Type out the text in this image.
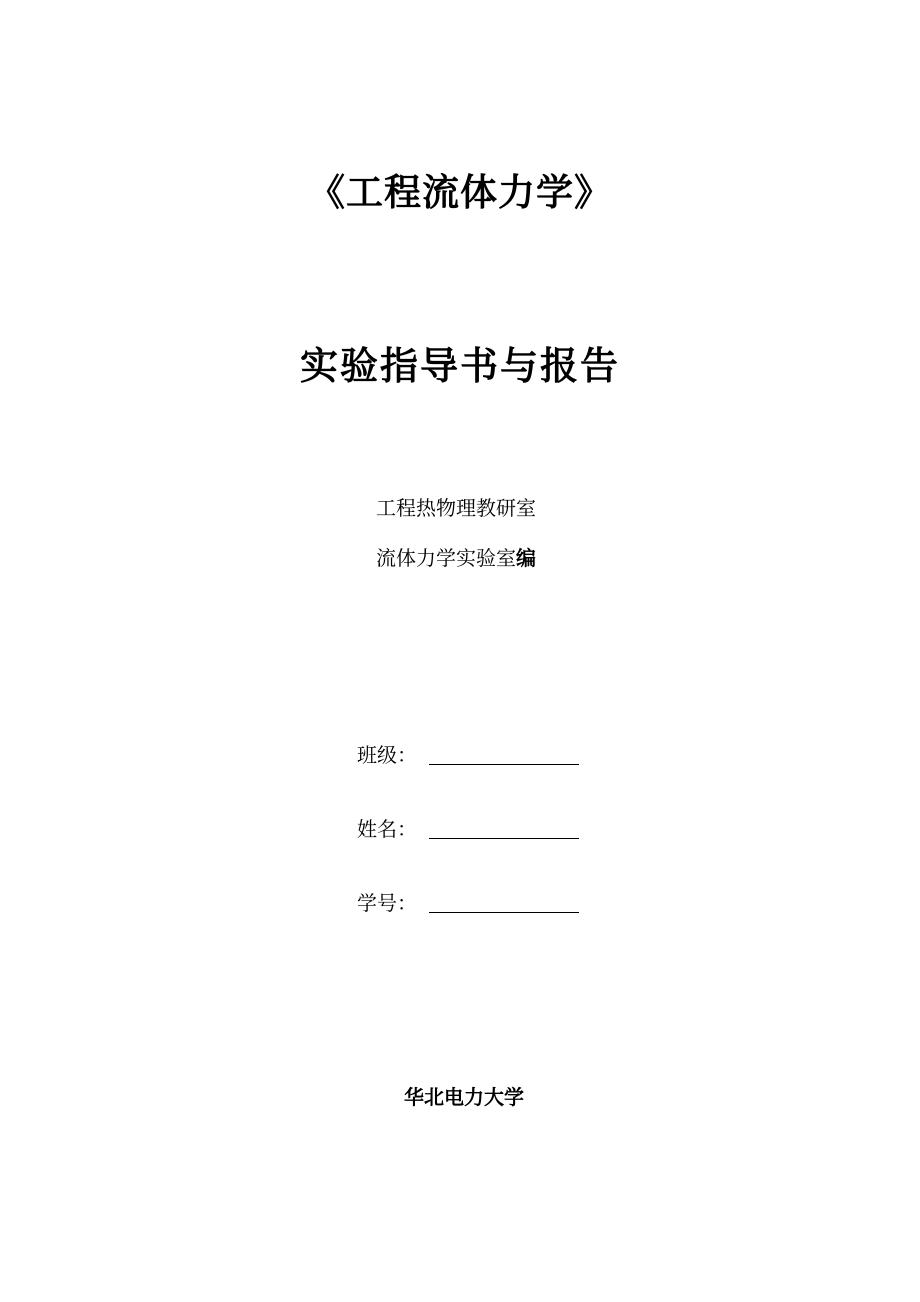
《工程流体力学》
实验指导书与报告
工程热物理教研室
流体力学实验室编
班级：
姓名：
学号：
华北电力大学
